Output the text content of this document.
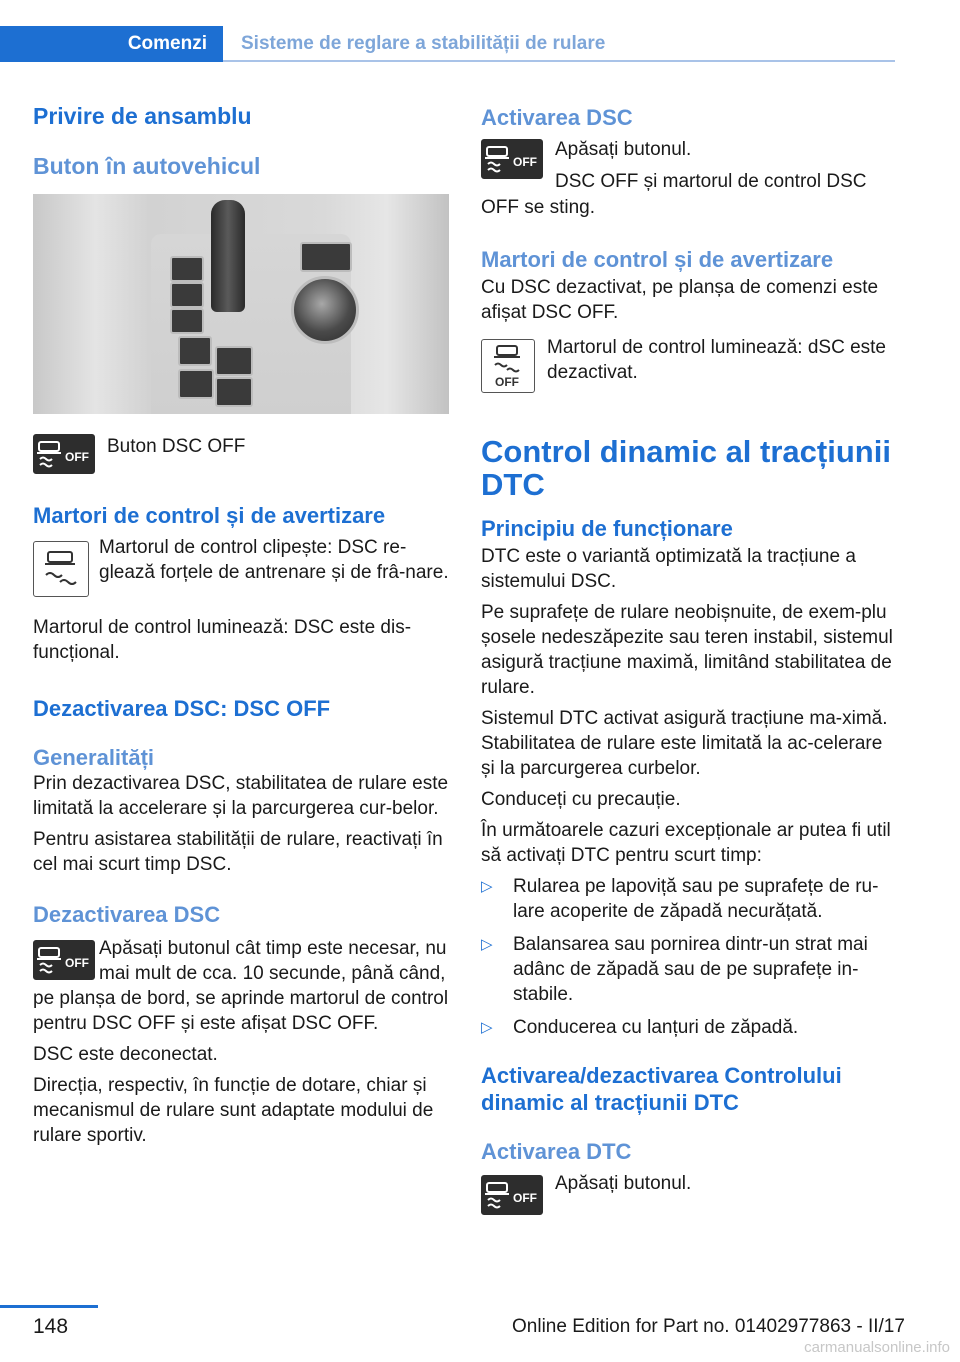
Comenzi	Sisteme de reglare a stabilității de rulare
Privire de ansamblu
Buton în autovehicul
OFF Buton DSC OFF

Martori de control și de avertizare

Martorul de control clipește: DSC re‐glează forțele de antrenare și de frâ‐nare.

Martorul de control luminează: DSC este dis‐funcțional.

Dezactivarea DSC: DSC OFF
Generalități

Prin dezactivarea DSC, stabilitatea de rulare este limitată la accelerare și la parcurgerea cur‐belor.

Pentru asistarea stabilității de rulare, reactivați în cel mai scurt timp DSC.

Dezactivarea DSC
OFF

Apăsați butonul cât timp este necesar, nu mai mult de cca. 10 secunde, până când, pe planșa de bord, se aprinde martorul de control pentru DSC OFF și este afișat DSC OFF.

DSC este deconectat.

Direcția, respectiv, în funcție de dotare, chiar și mecanismul de rulare sunt adaptate modului de rulare sportiv.

Activarea DSC
OFF

Apăsați butonul.

DSC OFF și martorul de control DSC

OFF se sting.

Martori de control și de avertizare

Cu DSC dezactivat, pe planșa de comenzi este afișat DSC OFF.

OFF

Martorul de control luminează: dSC este dezactivat.

Control dinamic al tracțiunii DTC
Principiu de funcționare

DTC este o variantă optimizată la tracțiune a sistemului DSC.

Pe suprafețe de rulare neobișnuite, de exem‐plu șosele nedeszăpezite sau teren instabil, sistemul asigură tracțiune maximă, limitând stabilitatea de rulare.

Sistemul DTC activat asigură tracțiune ma‐ximă. Stabilitatea de rulare este limitată la ac‐celerare și la parcurgerea curbelor.

Conduceți cu precauție.

În următoarele cazuri excepționale ar putea fi util să activați DTC pentru scurt timp:

▷ Rularea pe lapoviță sau pe suprafețe de ru‐lare acoperite de zăpadă necurățată.

▷ Balansarea sau pornirea dintr-un strat mai adânc de zăpadă sau de pe suprafețe in‐stabile.

▷ Conducerea cu lanțuri de zăpadă.

Activarea/dezactivarea Controlului dinamic al tracțiunii DTC
Activarea DTC
OFF

Apăsați butonul.

148	Online Edition for Part no. 01402977863 - II/17
carmanualsonline.info
